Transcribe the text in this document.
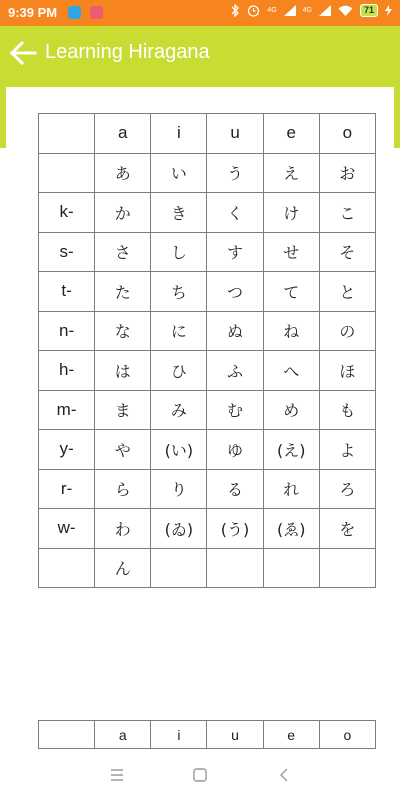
9:39 PM	4G	4G	71
Learning Hiragana
	a	i	u	e	o
	あ	い	う	え	お
k-	か	き	く	け	こ
s-	さ	し	す	せ	そ
t-	た	ち	つ	て	と
n-	な	に	ぬ	ね	の
h-	は	ひ	ふ	へ	ほ
m-	ま	み	む	め	も
y-	や	(い)	ゆ	(え)	よ
r-	ら	り	る	れ	ろ
w-	わ	(ゐ)	(う)	(ゑ)	を
	ん				
	a	i	u	e	o
